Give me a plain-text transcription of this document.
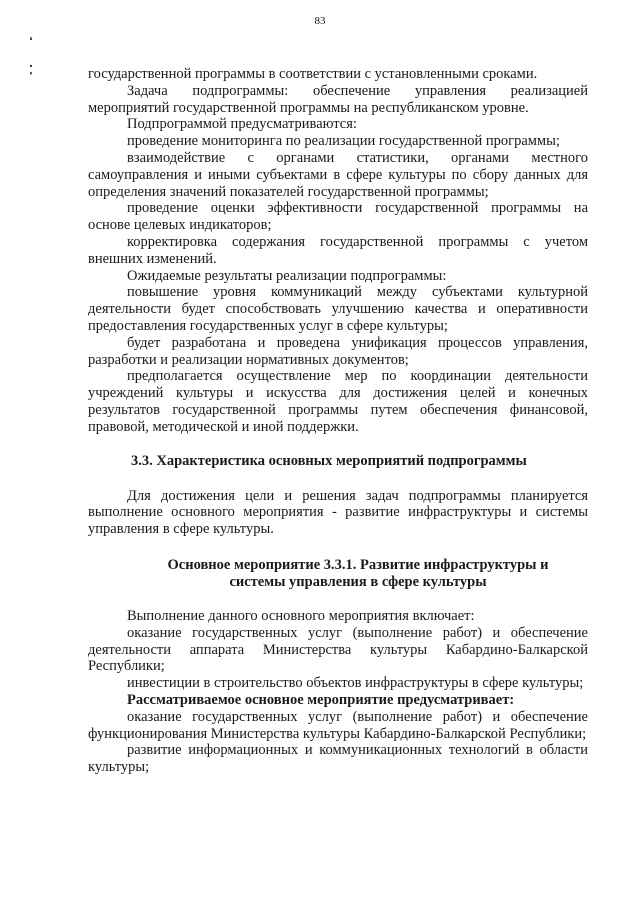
83
‘
⁚	государственной программы в соответствии с установленными сроками.

Задача подпрограммы: обеспечение управления реализацией мероприятий государственной программы на республиканском уровне.

Подпрограммой предусматриваются:

проведение мониторинга по реализации государственной программы;

взаимодействие с органами статистики, органами местного самоуправления и иными субъектами в сфере культуры по сбору данных для определения значений показателей государственной программы;

проведение оценки эффективности государственной программы на основе целевых индикаторов;

корректировка содержания государственной программы с учетом внешних изменений.

Ожидаемые результаты реализации подпрограммы:

повышение уровня коммуникаций между субъектами культурной деятельности будет способствовать улучшению качества и оперативности предоставления государственных услуг в сфере культуры;

будет разработана и проведена унификация процессов управления, разработки и реализации нормативных документов;

предполагается осуществление мер по координации деятельности учреждений культуры и искусства для достижения целей и конечных результатов государственной программы путем обеспечения финансовой, правовой, методической и иной поддержки.

3.3. Характеристика основных мероприятий подпрограммы

Для достижения цели и решения задач подпрограммы планируется выполнение основного мероприятия - развитие инфраструктуры и системы управления в сфере культуры.

Основное мероприятие 3.3.1. Развитие инфраструктуры и
системы управления в сфере культуры

Выполнение данного основного мероприятия включает:

оказание государственных услуг (выполнение работ) и обеспечение деятельности аппарата Министерства культуры Кабардино-Балкарской Республики;

инвестиции в строительство объектов инфраструктуры в сфере культуры;

Рассматриваемое основное мероприятие предусматривает:

оказание государственных услуг (выполнение работ) и обеспечение функционирования Министерства культуры Кабардино-Балкарской Республики;

развитие информационных и коммуникационных технологий в области культуры;
